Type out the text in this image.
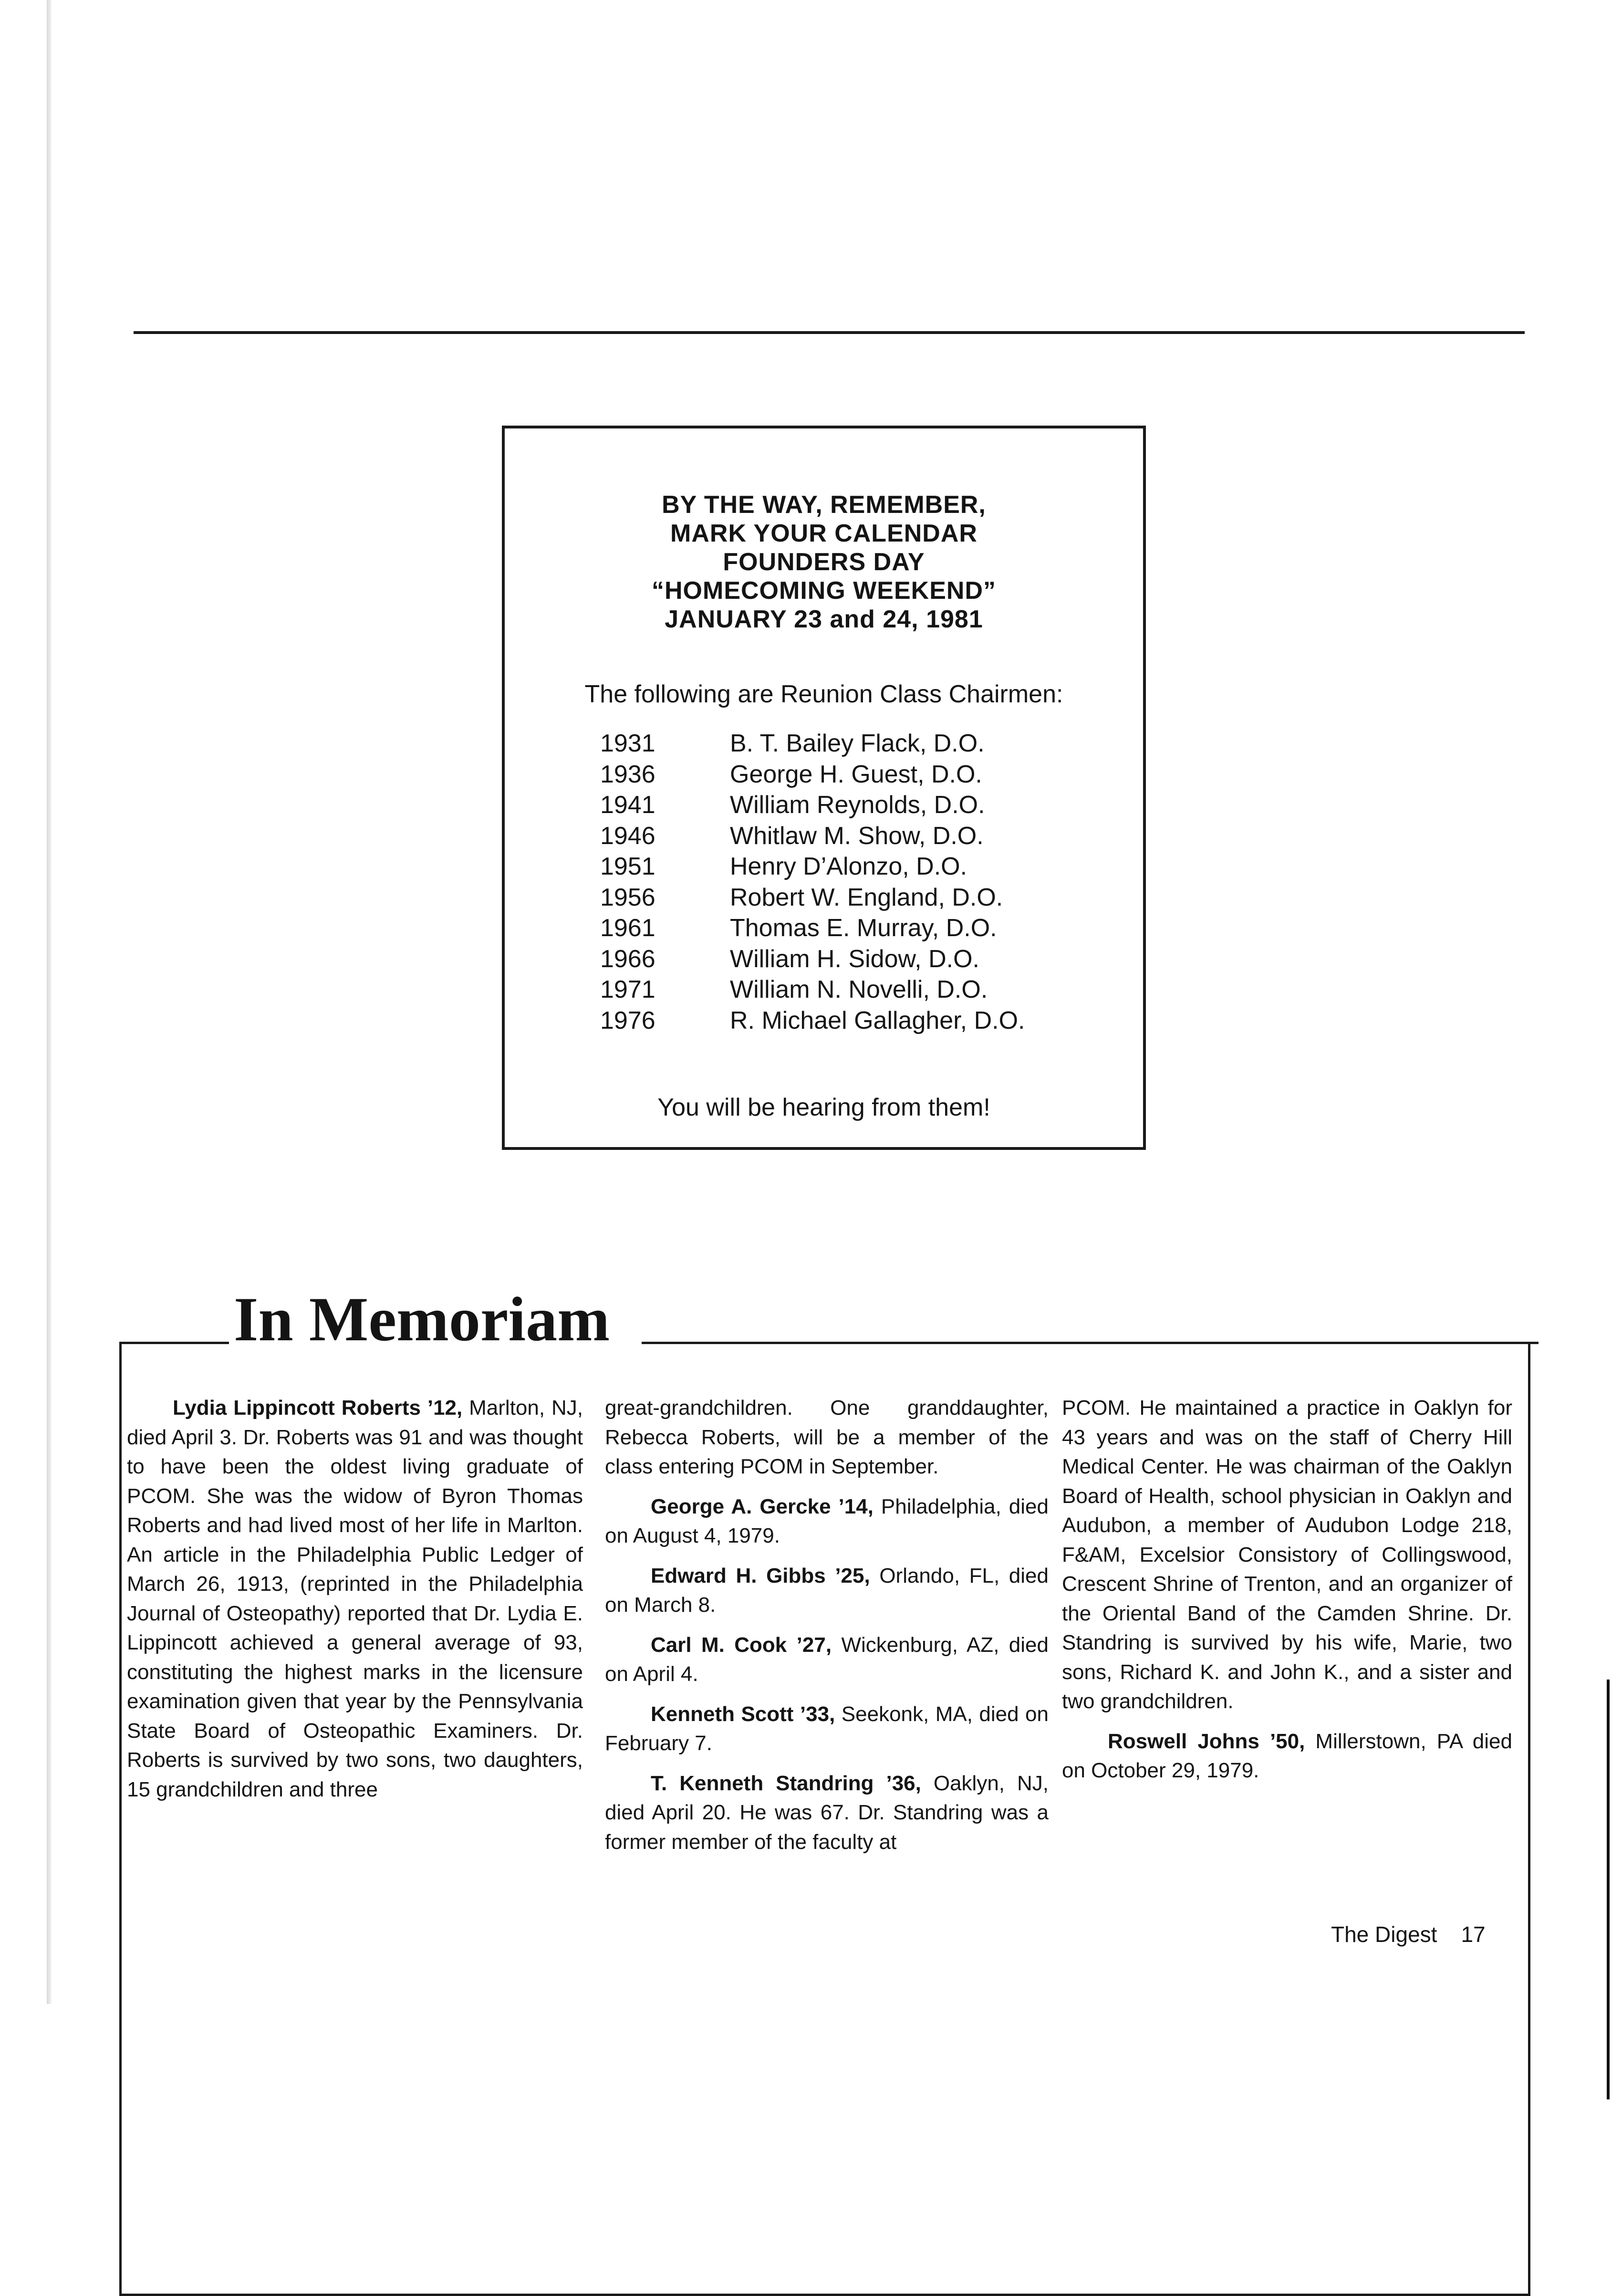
BY THE WAY, REMEMBER,
MARK YOUR CALENDAR
FOUNDERS DAY
“HOMECOMING WEEKEND”
JANUARY 23 and 24, 1981
The following are Reunion Class Chairmen:
1931	B. T. Bailey Flack, D.O.
1936	George H. Guest, D.O.
1941	William Reynolds, D.O.
1946	Whitlaw M. Show, D.O.
1951	Henry D’Alonzo, D.O.
1956	Robert W. England, D.O.
1961	Thomas E. Murray, D.O.
1966	William H. Sidow, D.O.
1971	William N. Novelli, D.O.
1976	R. Michael Gallagher, D.O.
You will be hearing from them!
In Memoriam

Lydia Lippincott Roberts ’12, Marlton, NJ, died April 3. Dr. Roberts was 91 and was thought to have been the oldest living graduate of PCOM. She was the widow of Byron Thomas Roberts and had lived most of her life in Marlton. An article in the Philadelphia Public Ledger of March 26, 1913, (reprinted in the Philadelphia Journal of Osteopathy) reported that Dr. Lydia E. Lippincott achieved a general average of 93, constituting the highest marks in the licensure examination given that year by the Pennsylvania State Board of Osteopathic Examiners. Dr. Roberts is survived by two sons, two daughters, 15 grandchildren and three

great-grandchildren. One granddaughter, Rebecca Roberts, will be a member of the class entering PCOM in September.

George A. Gercke ’14, Philadelphia, died on August 4, 1979.

Edward H. Gibbs ’25, Orlando, FL, died on March 8.

Carl M. Cook ’27, Wickenburg, AZ, died on April 4.

Kenneth Scott ’33, Seekonk, MA, died on February 7.

T. Kenneth Standring ’36, Oaklyn, NJ, died April 20. He was 67. Dr. Standring was a former member of the faculty at

PCOM. He maintained a practice in Oaklyn for 43 years and was on the staff of Cherry Hill Medical Center. He was chairman of the Oaklyn Board of Health, school physician in Oaklyn and Audubon, a member of Audubon Lodge 218, F&AM, Excelsior Consistory of Collingswood, Crescent Shrine of Trenton, and an organizer of the Oriental Band of the Camden Shrine. Dr. Standring is survived by his wife, Marie, two sons, Richard K. and John K., and a sister and two grandchildren.

Roswell Johns ’50, Millerstown, PA died on October 29, 1979.

The Digest 17
